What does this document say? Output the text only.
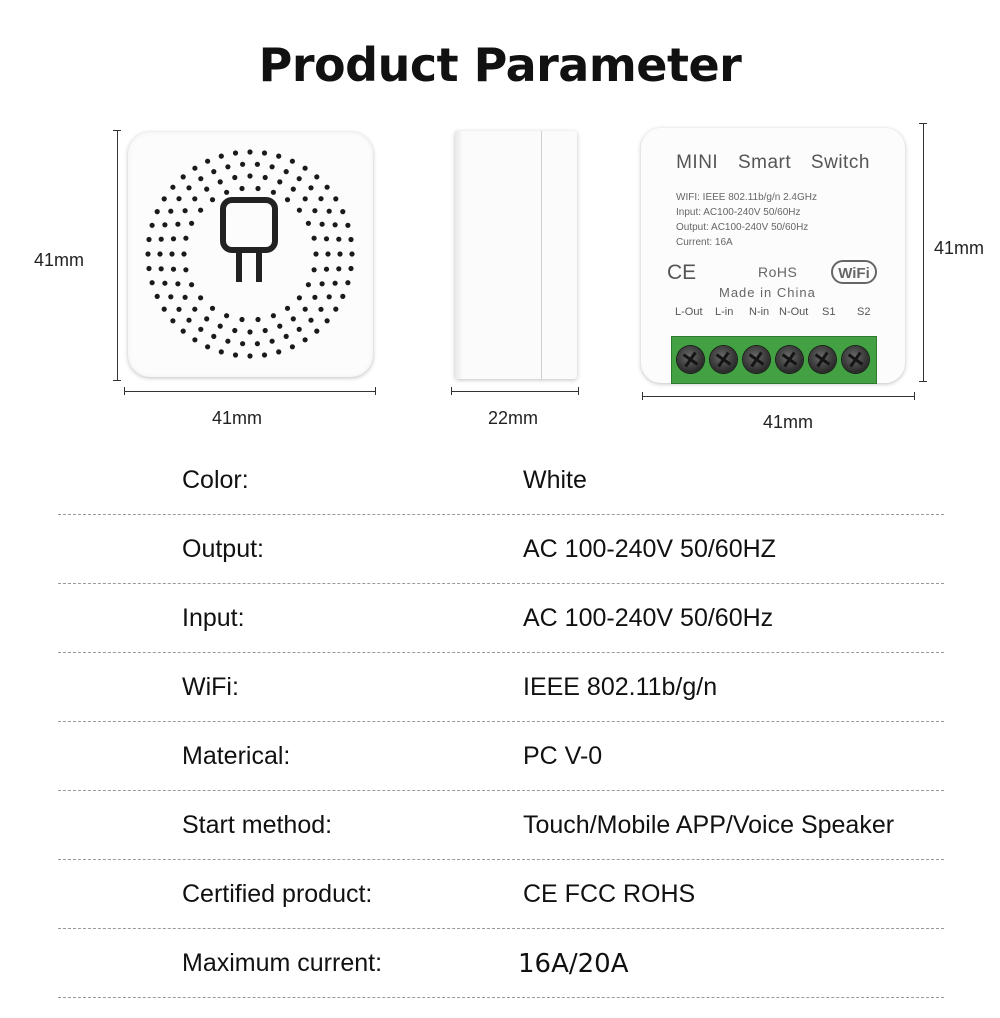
Product Parameter
41mm
41mm	22mm
MINI Smart Switch
WIFI: IEEE 802.11b/g/n 2.4GHz
Input: AC100-240V 50/60Hz
Output: AC100-240V 50/60Hz
Current: 16A
CE	RoHS	WiFi
Made in China
L-Out L-in N-in N-Out S1 S2
41mm
41mm
Color:	White
Output:	AC 100-240V 50/60HZ
Input:	AC 100-240V 50/60Hz
WiFi:	IEEE 802.11b/g/n
Materical:	PC V-0
Start method:	Touch/Mobile APP/Voice Speaker
Certified product:	CE FCC ROHS
Maximum current:	16A/20A
